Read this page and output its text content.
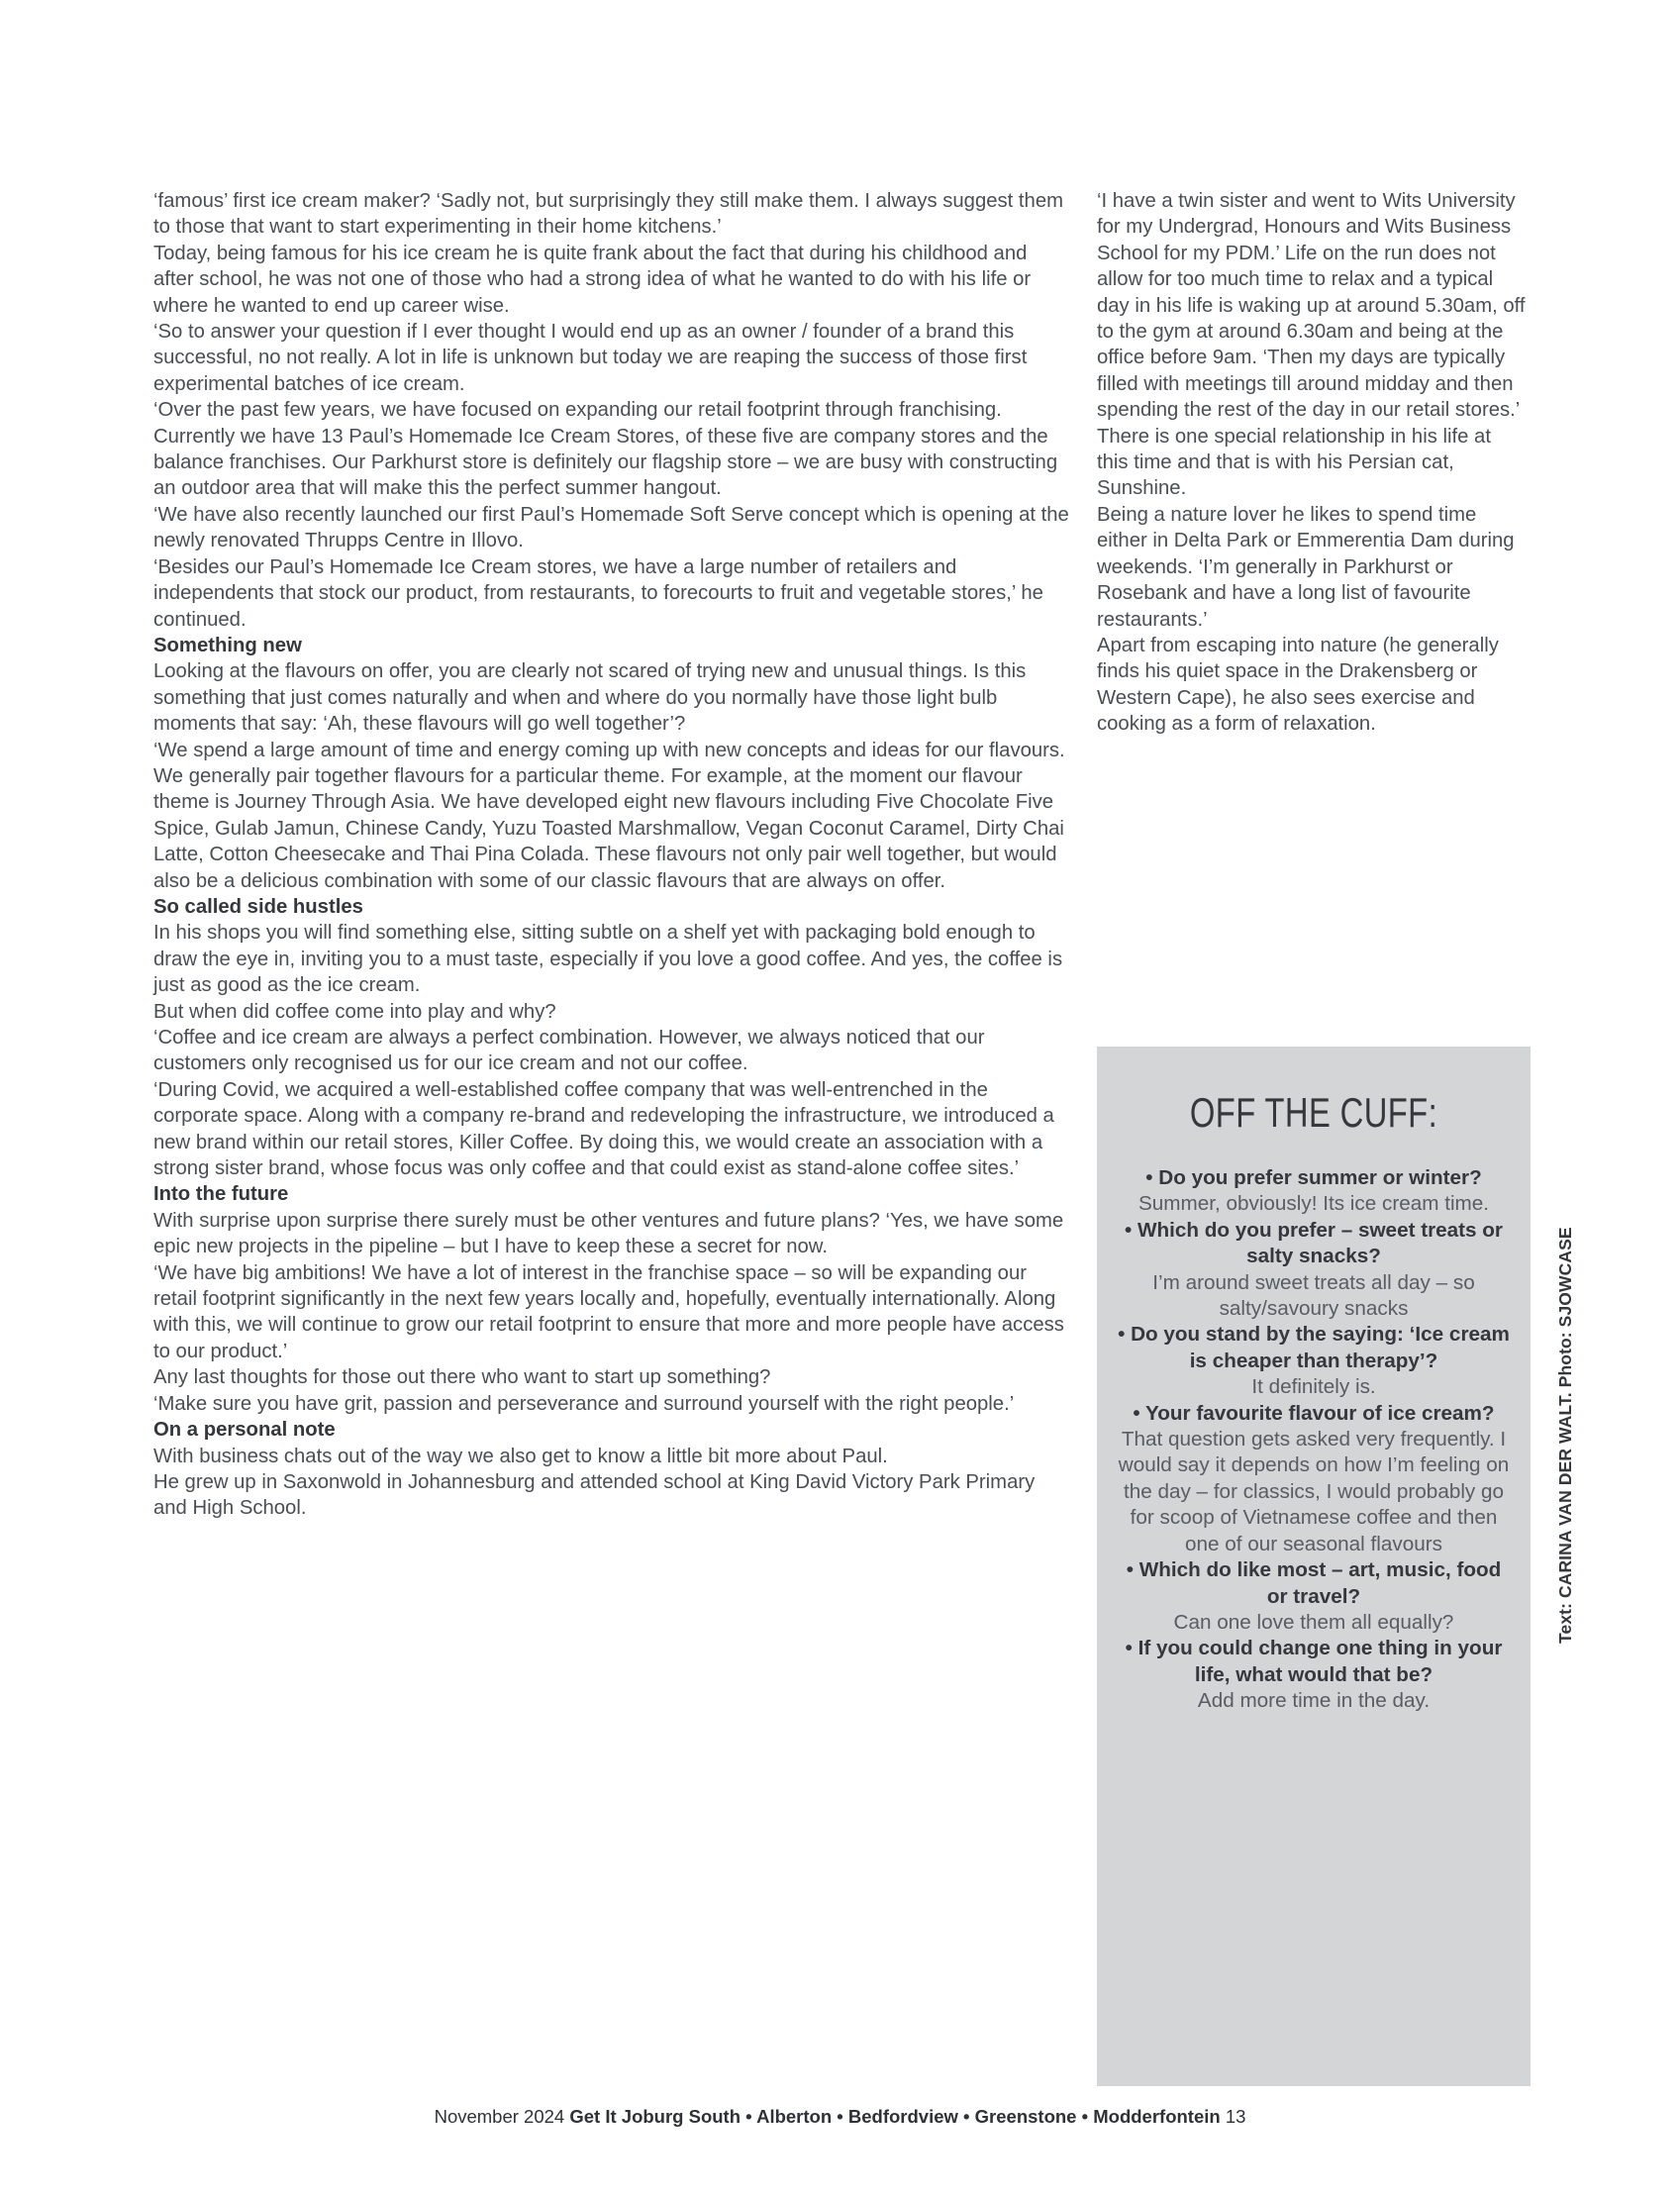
‘famous’ first ice cream maker? ‘Sadly not, but surprisingly they still make them. I always suggest them to those that want to start experimenting in their home kitchens.’

Today, being famous for his ice cream he is quite frank about the fact that during his childhood and after school, he was not one of those who had a strong idea of what he wanted to do with his life or where he wanted to end up career wise.

‘So to answer your question if I ever thought I would end up as an owner / founder of a brand this successful, no not really. A lot in life is unknown but today we are reaping the success of those first experimental batches of ice cream.

‘Over the past few years, we have focused on expanding our retail footprint through franchising. Currently we have 13 Paul’s Homemade Ice Cream Stores, of these five are company stores and the balance franchises. Our Parkhurst store is definitely our flagship store – we are busy with constructing an outdoor area that will make this the perfect summer hangout.

‘We have also recently launched our first Paul’s Homemade Soft Serve concept which is opening at the newly renovated Thrupps Centre in Illovo.

‘Besides our Paul’s Homemade Ice Cream stores, we have a large number of retailers and independents that stock our product, from restaurants, to forecourts to fruit and vegetable stores,’ he continued.

Something new

Looking at the flavours on offer, you are clearly not scared of trying new and unusual things. Is this something that just comes naturally and when and where do you normally have those light bulb moments that say: ‘Ah, these flavours will go well together’?

‘We spend a large amount of time and energy coming up with new concepts and ideas for our flavours. We generally pair together flavours for a particular theme. For example, at the moment our flavour theme is Journey Through Asia. We have developed eight new flavours including Five Chocolate Five Spice, Gulab Jamun, Chinese Candy, Yuzu Toasted Marshmallow, Vegan Coconut Caramel, Dirty Chai Latte, Cotton Cheesecake and Thai Pina Colada. These flavours not only pair well together, but would also be a delicious combination with some of our classic flavours that are always on offer.

So called side hustles

In his shops you will find something else, sitting subtle on a shelf yet with packaging bold enough to draw the eye in, inviting you to a must taste, especially if you love a good coffee. And yes, the coffee is just as good as the ice cream.

But when did coffee come into play and why?

‘Coffee and ice cream are always a perfect combination. However, we always noticed that our customers only recognised us for our ice cream and not our coffee.

‘During Covid, we acquired a well-established coffee company that was well-entrenched in the corporate space. Along with a company re-brand and redeveloping the infrastructure, we introduced a new brand within our retail stores, Killer Coffee. By doing this, we would create an association with a strong sister brand, whose focus was only coffee and that could exist as stand-alone coffee sites.’

Into the future

With surprise upon surprise there surely must be other ventures and future plans? ‘Yes, we have some epic new projects in the pipeline – but I have to keep these a secret for now.

‘We have big ambitions! We have a lot of interest in the franchise space – so will be expanding our retail footprint significantly in the next few years locally and, hopefully, eventually internationally. Along with this, we will continue to grow our retail footprint to ensure that more and more people have access to our product.’

Any last thoughts for those out there who want to start up something?

‘Make sure you have grit, passion and perseverance and surround yourself with the right people.’

On a personal note

With business chats out of the way we also get to know a little bit more about Paul.

He grew up in Saxonwold in Johannesburg and attended school at King David Victory Park Primary and High School.

‘I have a twin sister and went to Wits University for my Undergrad, Honours and Wits Business School for my PDM.’ Life on the run does not allow for too much time to relax and a typical day in his life is waking up at around 5.30am, off to the gym at around 6.30am and being at the office before 9am. ‘Then my days are typically filled with meetings till around midday and then spending the rest of the day in our retail stores.’

There is one special relationship in his life at this time and that is with his Persian cat, Sunshine.

Being a nature lover he likes to spend time either in Delta Park or Emmerentia Dam during weekends. ‘I’m generally in Parkhurst or Rosebank and have a long list of favourite restaurants.’

Apart from escaping into nature (he generally finds his quiet space in the Drakensberg or Western Cape), he also sees exercise and cooking as a form of relaxation.

OFF THE CUFF:

• Do you prefer summer or winter?

Summer, obviously! Its ice cream time.

• Which do you prefer – sweet treats or salty snacks?

I’m around sweet treats all day – so salty/savoury snacks

• Do you stand by the saying: ‘Ice cream is cheaper than therapy’?

It definitely is.

• Your favourite flavour of ice cream?

That question gets asked very frequently. I would say it depends on how I’m feeling on the day – for classics, I would probably go for scoop of Vietnamese coffee and then one of our seasonal flavours

• Which do like most – art, music, food or travel?

Can one love them all equally?

• If you could change one thing in your life, what would that be?

Add more time in the day.

Text: CARINA VAN DER WALT. Photo: SJOWCASE
November 2024 Get It Joburg South • Alberton • Bedfordview • Greenstone • Modderfontein 13
